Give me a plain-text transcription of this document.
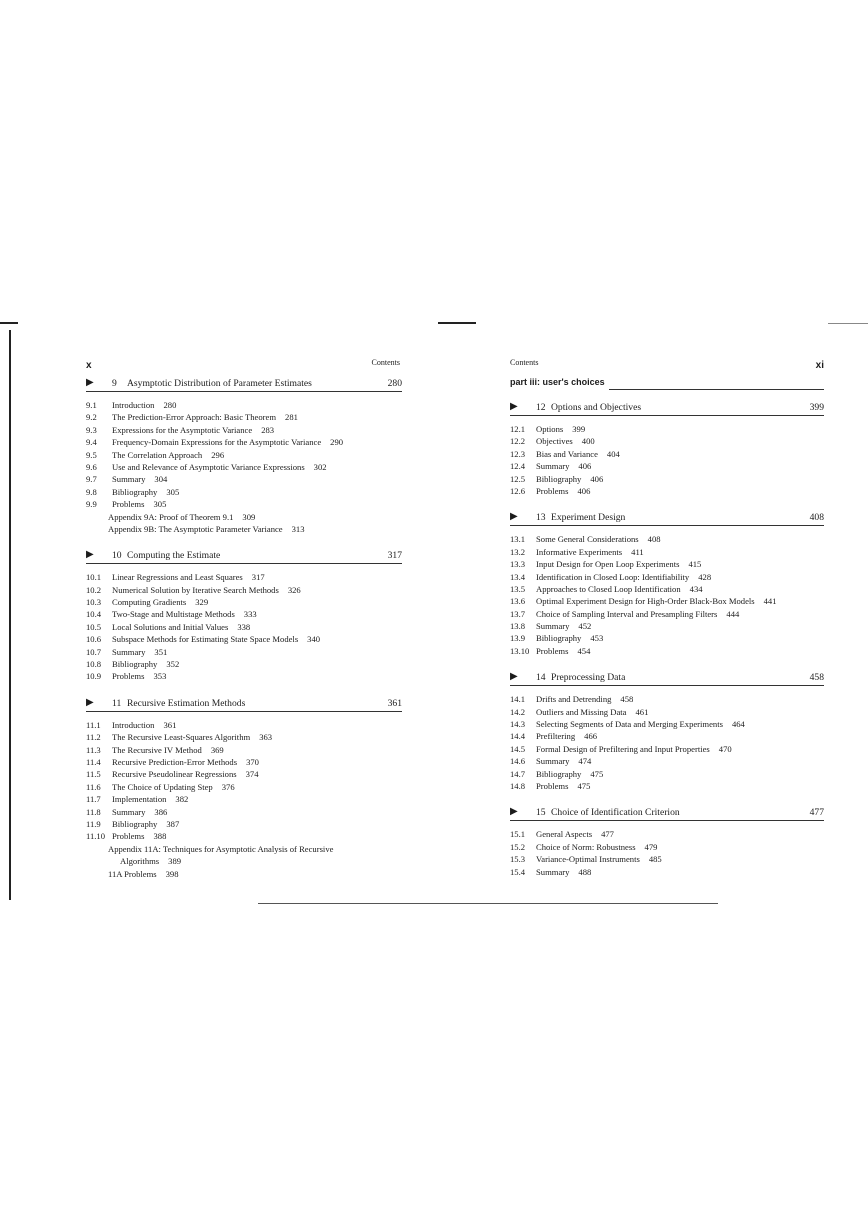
x	Contents
▶ 9 Asymptotic Distribution of Parameter Estimates	280
9.1 Introduction 280
9.2 The Prediction-Error Approach: Basic Theorem 281
9.3 Expressions for the Asymptotic Variance 283
9.4 Frequency-Domain Expressions for the Asymptotic Variance 290
9.5 The Correlation Approach 296
9.6 Use and Relevance of Asymptotic Variance Expressions 302
9.7 Summary 304
9.8 Bibliography 305
9.9 Problems 305
Appendix 9A: Proof of Theorem 9.1 309
Appendix 9B: The Asymptotic Parameter Variance 313
▶ 10 Computing the Estimate	317
10.1 Linear Regressions and Least Squares 317
10.2 Numerical Solution by Iterative Search Methods 326
10.3 Computing Gradients 329
10.4 Two-Stage and Multistage Methods 333
10.5 Local Solutions and Initial Values 338
10.6 Subspace Methods for Estimating State Space Models 340
10.7 Summary 351
10.8 Bibliography 352
10.9 Problems 353
▶ 11 Recursive Estimation Methods	361
11.1 Introduction 361
11.2 The Recursive Least-Squares Algorithm 363
11.3 The Recursive IV Method 369
11.4 Recursive Prediction-Error Methods 370
11.5 Recursive Pseudolinear Regressions 374
11.6 The Choice of Updating Step 376
11.7 Implementation 382
11.8 Summary 386
11.9 Bibliography 387
11.10 Problems 388
Appendix 11A: Techniques for Asymptotic Analysis of Recursive
Algorithms 389
11A Problems 398
Contents	xi
part iii: user's choices
▶ 12 Options and Objectives	399
12.1 Options 399
12.2 Objectives 400
12.3 Bias and Variance 404
12.4 Summary 406
12.5 Bibliography 406
12.6 Problems 406
▶ 13 Experiment Design	408
13.1 Some General Considerations 408
13.2 Informative Experiments 411
13.3 Input Design for Open Loop Experiments 415
13.4 Identification in Closed Loop: Identifiability 428
13.5 Approaches to Closed Loop Identification 434
13.6 Optimal Experiment Design for High-Order Black-Box Models 441
13.7 Choice of Sampling Interval and Presampling Filters 444
13.8 Summary 452
13.9 Bibliography 453
13.10 Problems 454
▶ 14 Preprocessing Data	458
14.1 Drifts and Detrending 458
14.2 Outliers and Missing Data 461
14.3 Selecting Segments of Data and Merging Experiments 464
14.4 Prefiltering 466
14.5 Formal Design of Prefiltering and Input Properties 470
14.6 Summary 474
14.7 Bibliography 475
14.8 Problems 475
▶ 15 Choice of Identification Criterion	477
15.1 General Aspects 477
15.2 Choice of Norm: Robustness 479
15.3 Variance-Optimal Instruments 485
15.4 Summary 488
